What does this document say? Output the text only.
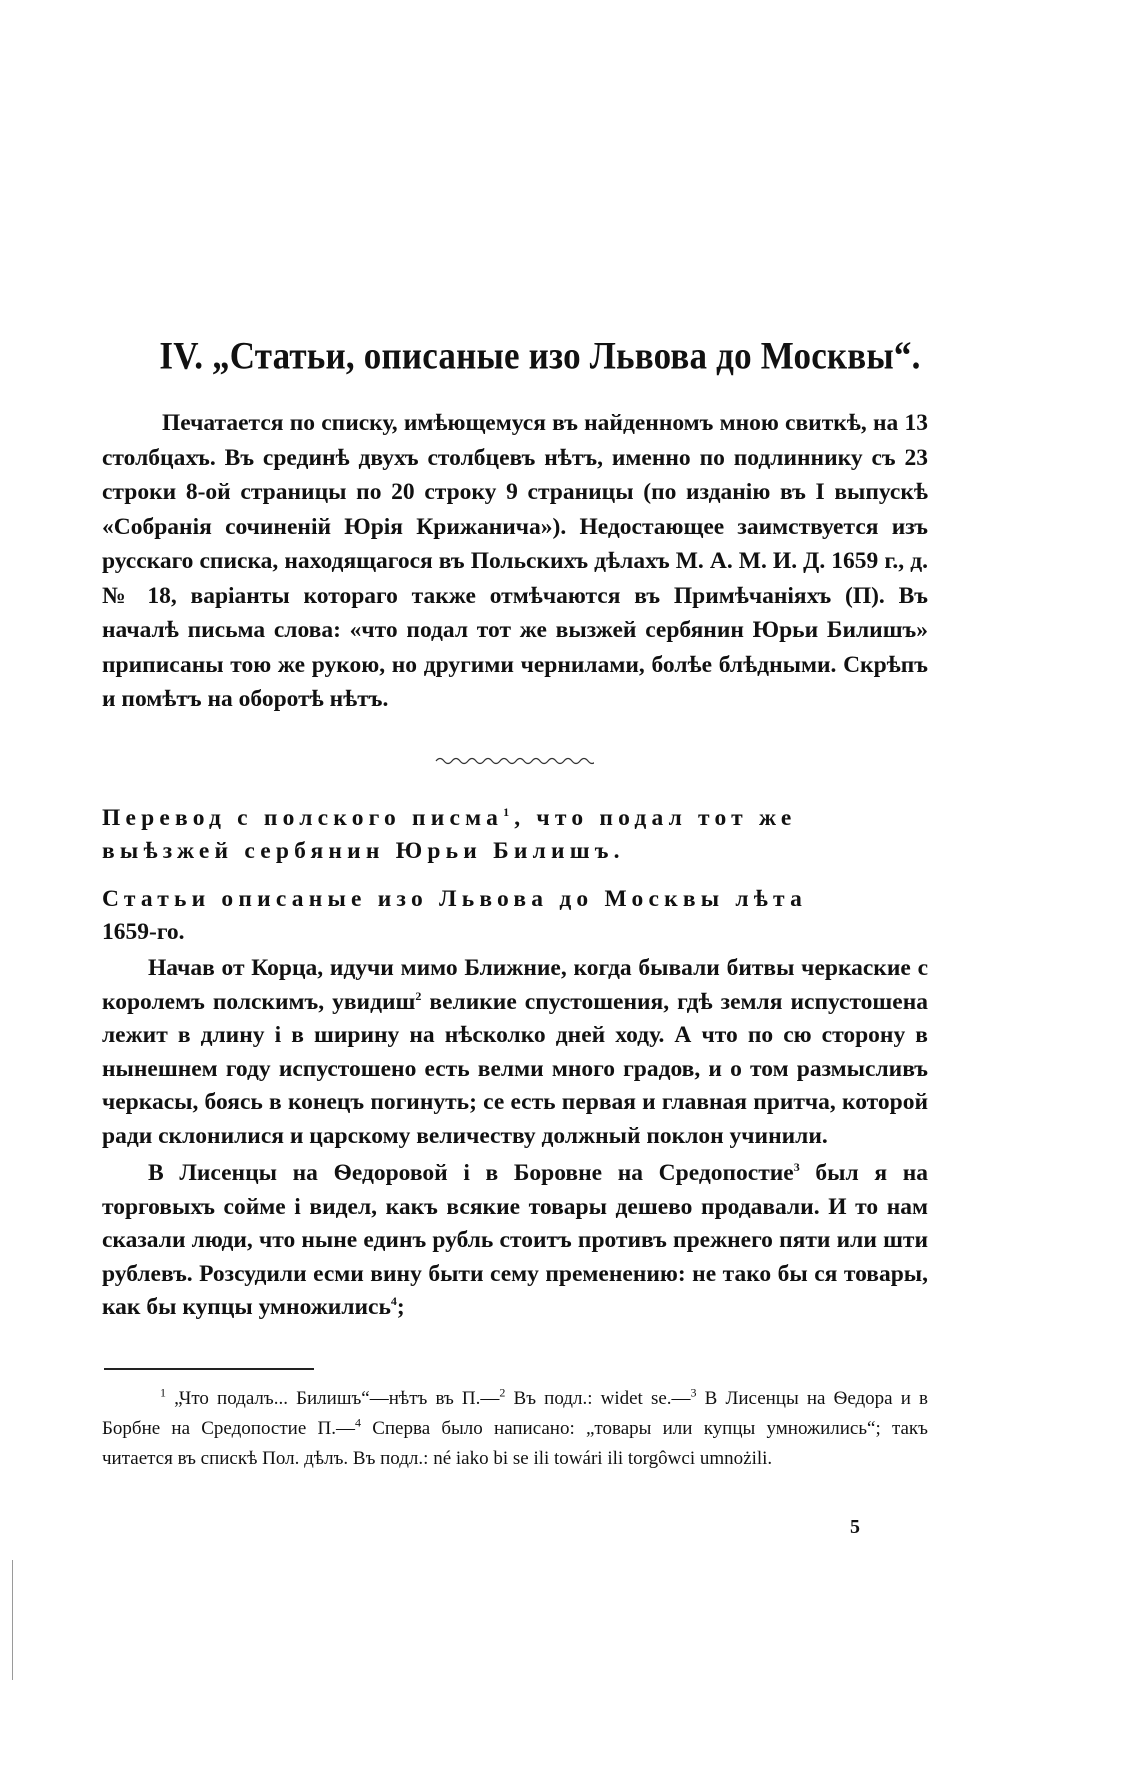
IV. „Статьи, описаные изо Львова до Москвы“.

Печатается по списку, имѣющемуся въ найденномъ мною свиткѣ, на 13 столбцахъ. Въ срединѣ двухъ столбцевъ нѣтъ, именно по подлиннику съ 23 строки 8-ой страницы по 20 строку 9 страницы (по изданію въ I выпускѣ «Собранія сочиненій Юрія Крижанича»). Недостающее заимствуется изъ русскаго списка, находящагося въ Польскихъ дѣлахъ М. А. М. И. Д. 1659 г., д. № 18, варіанты котораго также отмѣчаются въ Примѣчаніяхъ (П). Въ началѣ письма слова: «что подал тот же вызжей сербянин Юрьи Билишъ» приписаны тою же рукою, но другими чернилами, болѣе блѣдными. Скрѣпъ и помѣтъ на оборотѣ нѣтъ.

Перевод с полского писма$^1$, что подал тот же выѣзжей сербянин Юрьи Билишъ.
Статьи описаные изо Львова до Москвы лѣта
1659-го.

Начав от Корца, идучи мимо Ближние, когда бывали битвы черкаские с королемъ полскимъ, увидиш$^2$ великие спустошения, гдѣ земля испустошена лежит в длину і в ширину на нѣсколко дней ходу. А что по сю сторону в нынешнем году испустошено есть велми много градов, и о том размысливъ черкасы, боясь в конецъ погинуть; се есть первая и главная притча, которой ради склонилися и царскому величеству должный поклон учинили.

В Лисенцы на Ѳедоровой і в Боровне на Средопостие$^3$ был я на торговыхъ сойме і видел, какъ всякие товары дешево продавали. И то нам сказали люди, что ныне единъ рубль стоитъ противъ прежнего пяти или шти рублевъ. Розсудили есми вину быти сему пременению: не тако бы ся товары, как бы купцы умножились$^4$;

$^1$ „Что подалъ... Билишъ“—нѣтъ въ П.—$^2$ Въ подл.: widet se.—$^3$ В Лисенцы на Ѳедора и в Борбне на Средопостие П.—$^4$ Сперва было написано: „товары или купцы умножились“; такъ читается въ спискѣ Пол. дѣлъ. Въ подл.: né iako bi se ili towári ili torgôwci umnożili.

5
